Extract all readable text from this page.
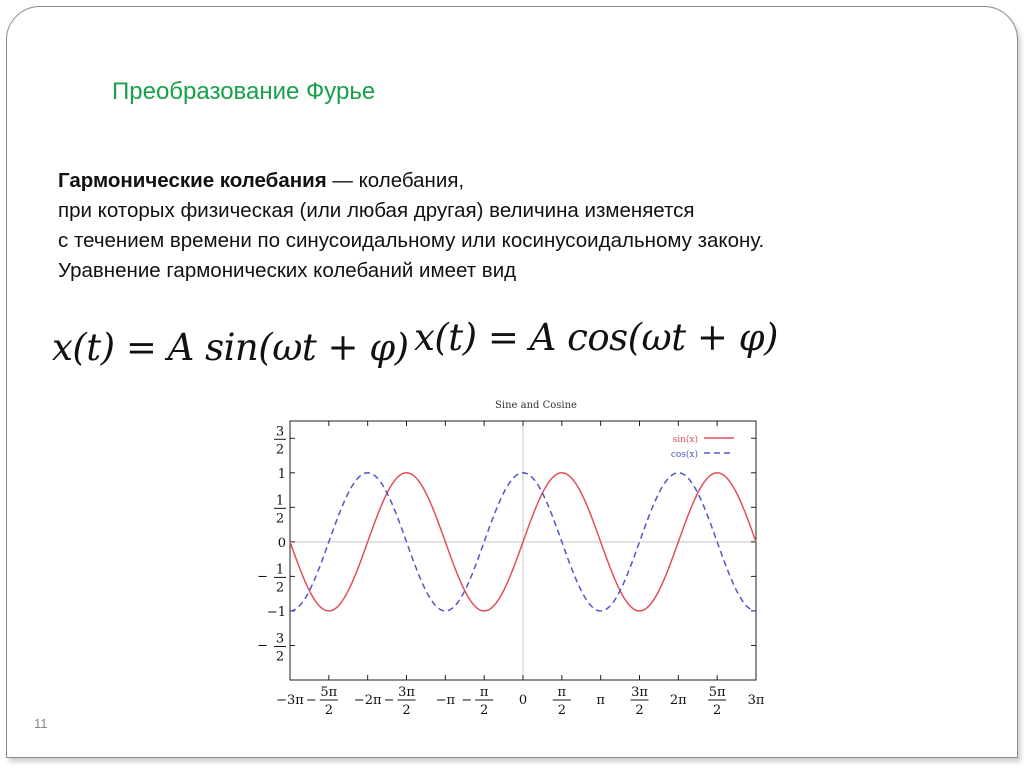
Преобразование Фурье
Гармонические колебания — колебания,
при которых физическая (или любая другая) величина изменяется
с течением времени по синусоидальному или косинусоидальному закону.
Уравнение гармонических колебаний имеет вид
x(t) = A sin(ωt + φ) x(t) = A cos(ωt + φ)
Sine and Cosine
3
2
1
1
2
0
− 1
2
−1
− 3
2
−3π −
5π
2
−2π −
3π
2
−π −
π
2
0
π
2
π
3π
2
2π
5π
2
3π
sin(x)
cos(x)
11
